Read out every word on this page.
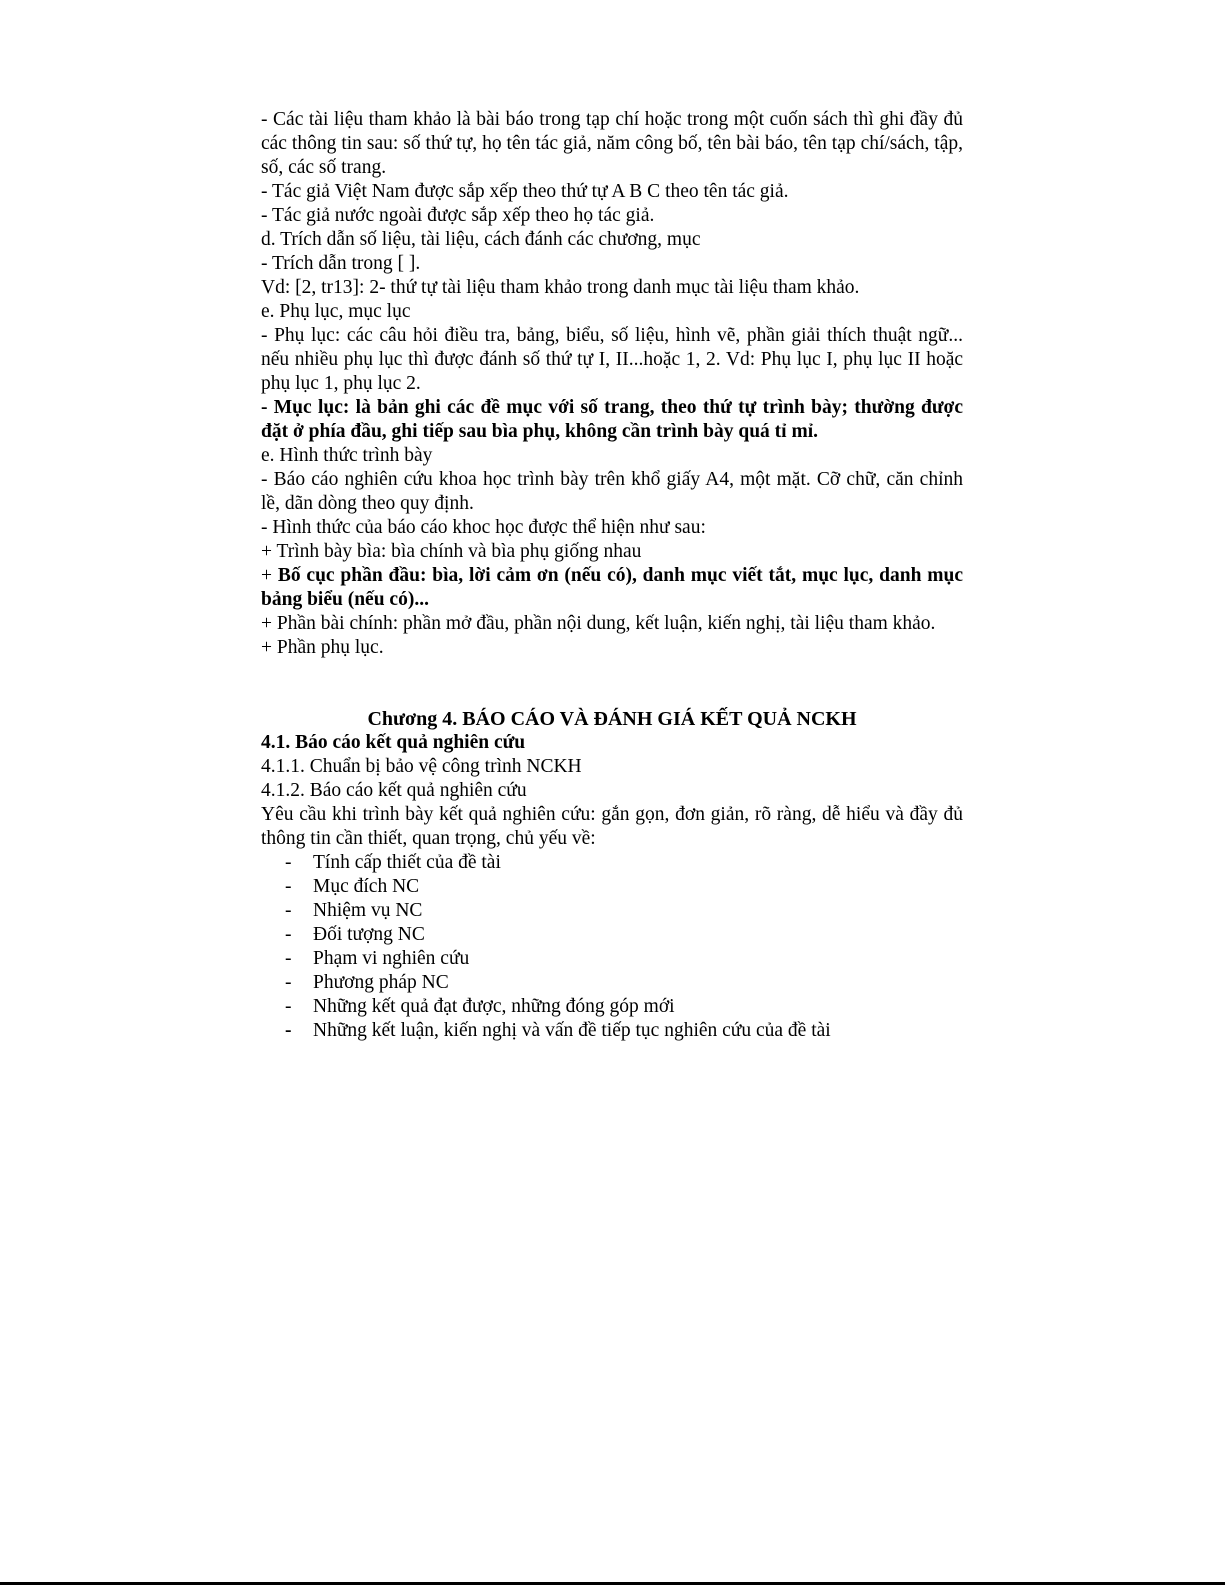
- Các tài liệu tham khảo là bài báo trong tạp chí hoặc trong một cuốn sách thì ghi đầy đủ các thông tin sau: số thứ tự, họ tên tác giả, năm công bố, tên bài báo, tên tạp chí/sách, tập, số, các số trang.

- Tác giả Việt Nam được sắp xếp theo thứ tự A B C theo tên tác giả.

- Tác giả nước ngoài được sắp xếp theo họ tác giả.

d. Trích dẫn số liệu, tài liệu, cách đánh các chương, mục

- Trích dẫn trong [ ].

Vd: [2, tr13]: 2- thứ tự tài liệu tham khảo trong danh mục tài liệu tham khảo.

e. Phụ lục, mục lục

- Phụ lục: các câu hỏi điều tra, bảng, biểu, số liệu, hình vẽ, phần giải thích thuật ngữ... nếu nhiều phụ lục thì được đánh số thứ tự I, II...hoặc 1, 2. Vd: Phụ lục I, phụ lục II hoặc phụ lục 1, phụ lục 2.

- Mục lục: là bản ghi các đề mục với số trang, theo thứ tự trình bày; thường được đặt ở phía đầu, ghi tiếp sau bìa phụ, không cần trình bày quá tỉ mỉ.

e. Hình thức trình bày

- Báo cáo nghiên cứu khoa học trình bày trên khổ giấy A4, một mặt. Cỡ chữ, căn chỉnh lề, dãn dòng theo quy định.

- Hình thức của báo cáo khoc học được thể hiện như sau:

+ Trình bày bìa: bìa chính và bìa phụ giống nhau

+ Bố cục phần đầu: bìa, lời cảm ơn (nếu có), danh mục viết tắt, mục lục, danh mục bảng biểu (nếu có)...

+ Phần bài chính: phần mở đầu, phần nội dung, kết luận, kiến nghị, tài liệu tham khảo.

+ Phần phụ lục.

Chương 4. BÁO CÁO VÀ ĐÁNH GIÁ KẾT QUẢ NCKH

4.1. Báo cáo kết quả nghiên cứu

4.1.1. Chuẩn bị bảo vệ công trình NCKH

4.1.2. Báo cáo kết quả nghiên cứu

Yêu cầu khi trình bày kết quả nghiên cứu: gắn gọn, đơn giản, rõ ràng, dễ hiểu và đầy đủ thông tin cần thiết, quan trọng, chủ yếu về:

- Tính cấp thiết của đề tài
- Mục đích NC
- Nhiệm vụ NC
- Đối tượng NC
- Phạm vi nghiên cứu
- Phương pháp NC
- Những kết quả đạt được, những đóng góp mới
- Những kết luận, kiến nghị và vấn đề tiếp tục nghiên cứu của đề tài
